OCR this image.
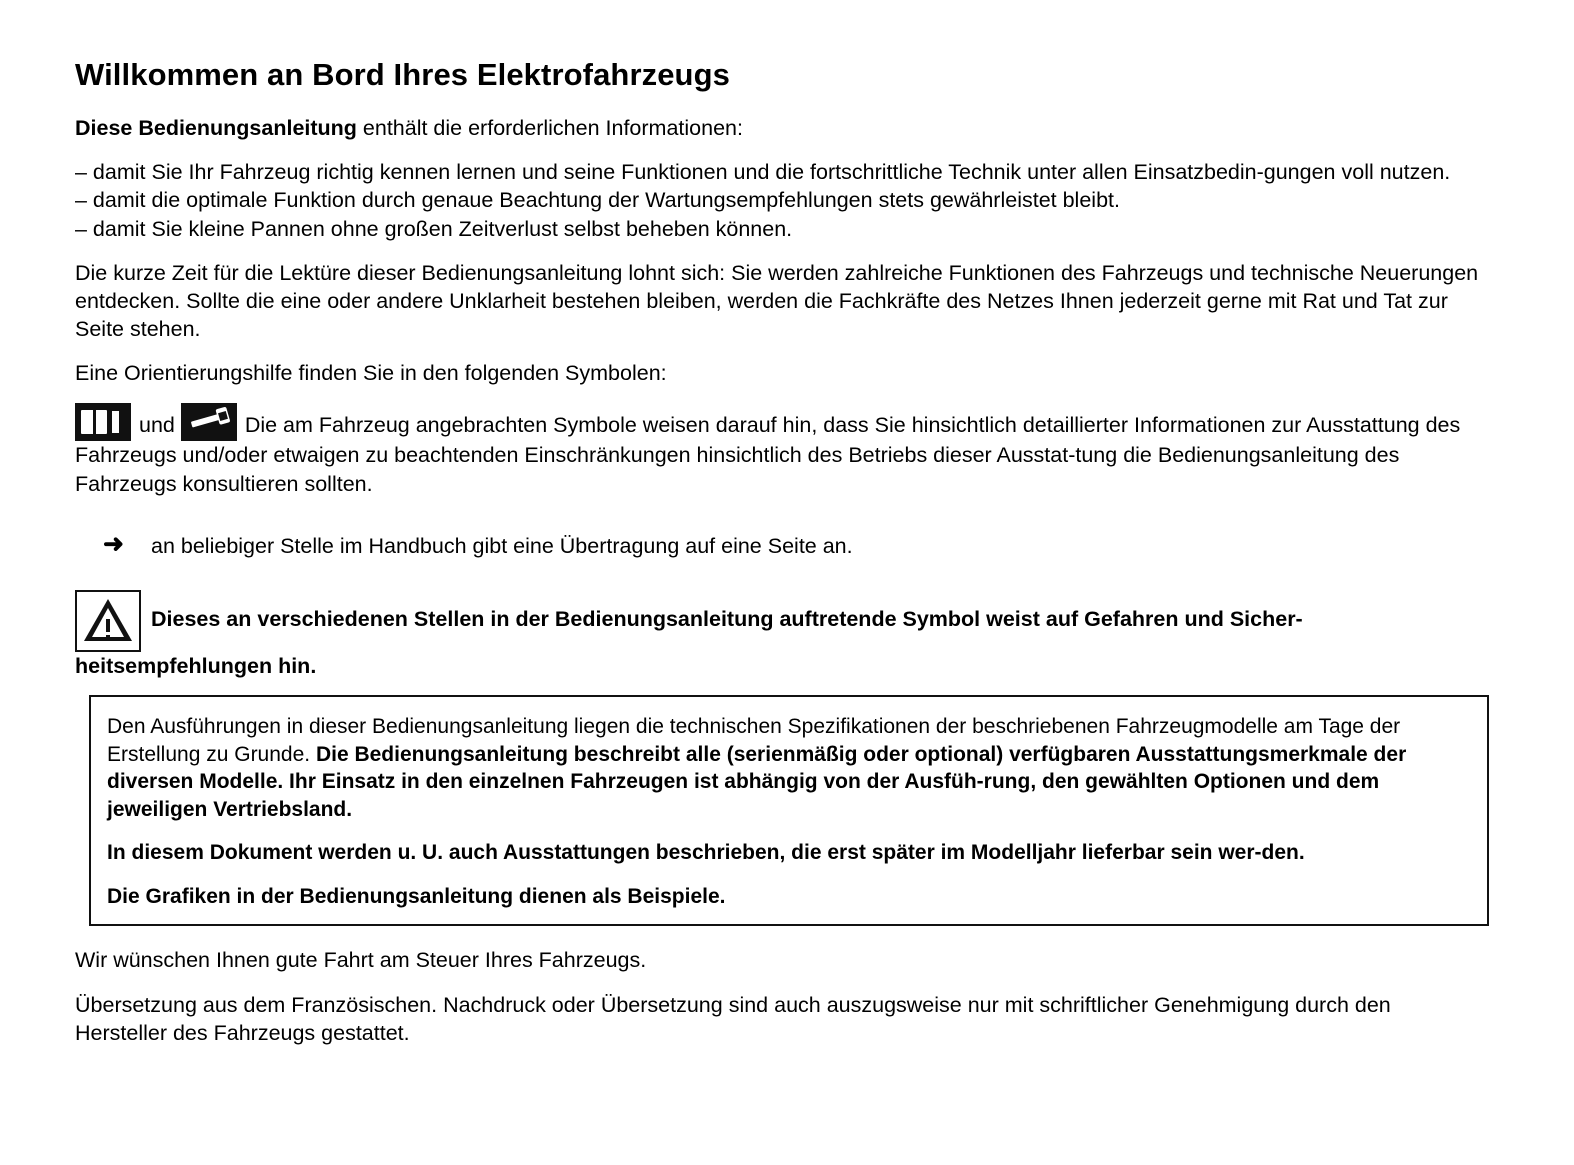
Willkommen an Bord Ihres Elektrofahrzeugs

Diese Bedienungsanleitung enthält die erforderlichen Informationen:

– damit Sie Ihr Fahrzeug richtig kennen lernen und seine Funktionen und die fortschrittliche Technik unter allen Einsatzbedin-gungen voll nutzen.

– damit die optimale Funktion durch genaue Beachtung der Wartungsempfehlungen stets gewährleistet bleibt.

– damit Sie kleine Pannen ohne großen Zeitverlust selbst beheben können.

Die kurze Zeit für die Lektüre dieser Bedienungsanleitung lohnt sich: Sie werden zahlreiche Funktionen des Fahrzeugs und technische Neuerungen entdecken. Sollte die eine oder andere Unklarheit bestehen bleiben, werden die Fachkräfte des Netzes Ihnen jederzeit gerne mit Rat und Tat zur Seite stehen.

Eine Orientierungshilfe finden Sie in den folgenden Symbolen:

und	Die am Fahrzeug angebrachten Symbole weisen darauf hin, dass Sie hinsichtlich detaillierter Informationen zur Ausstattung des Fahrzeugs und/oder etwaigen zu beachtenden Einschränkungen hinsichtlich des Betriebs dieser Ausstat-tung die Bedienungsanleitung des Fahrzeugs konsultieren sollten.

➜	an beliebiger Stelle im Handbuch gibt eine Übertragung auf eine Seite an.

Dieses an verschiedenen Stellen in der Bedienungsanleitung auftretende Symbol weist auf Gefahren und Sicher-heitsempfehlungen hin.

Den Ausführungen in dieser Bedienungsanleitung liegen die technischen Spezifikationen der beschriebenen Fahrzeugmodelle am Tage der Erstellung zu Grunde. Die Bedienungsanleitung beschreibt alle (serienmäßig oder optional) verfügbaren Ausstattungsmerkmale der diversen Modelle. Ihr Einsatz in den einzelnen Fahrzeugen ist abhängig von der Ausfüh-rung, den gewählten Optionen und dem jeweiligen Vertriebsland.

In diesem Dokument werden u. U. auch Ausstattungen beschrieben, die erst später im Modelljahr lieferbar sein wer-den.

Die Grafiken in der Bedienungsanleitung dienen als Beispiele.

Wir wünschen Ihnen gute Fahrt am Steuer Ihres Fahrzeugs.

Übersetzung aus dem Französischen. Nachdruck oder Übersetzung sind auch auszugsweise nur mit schriftlicher Genehmigung durch den Hersteller des Fahrzeugs gestattet.
